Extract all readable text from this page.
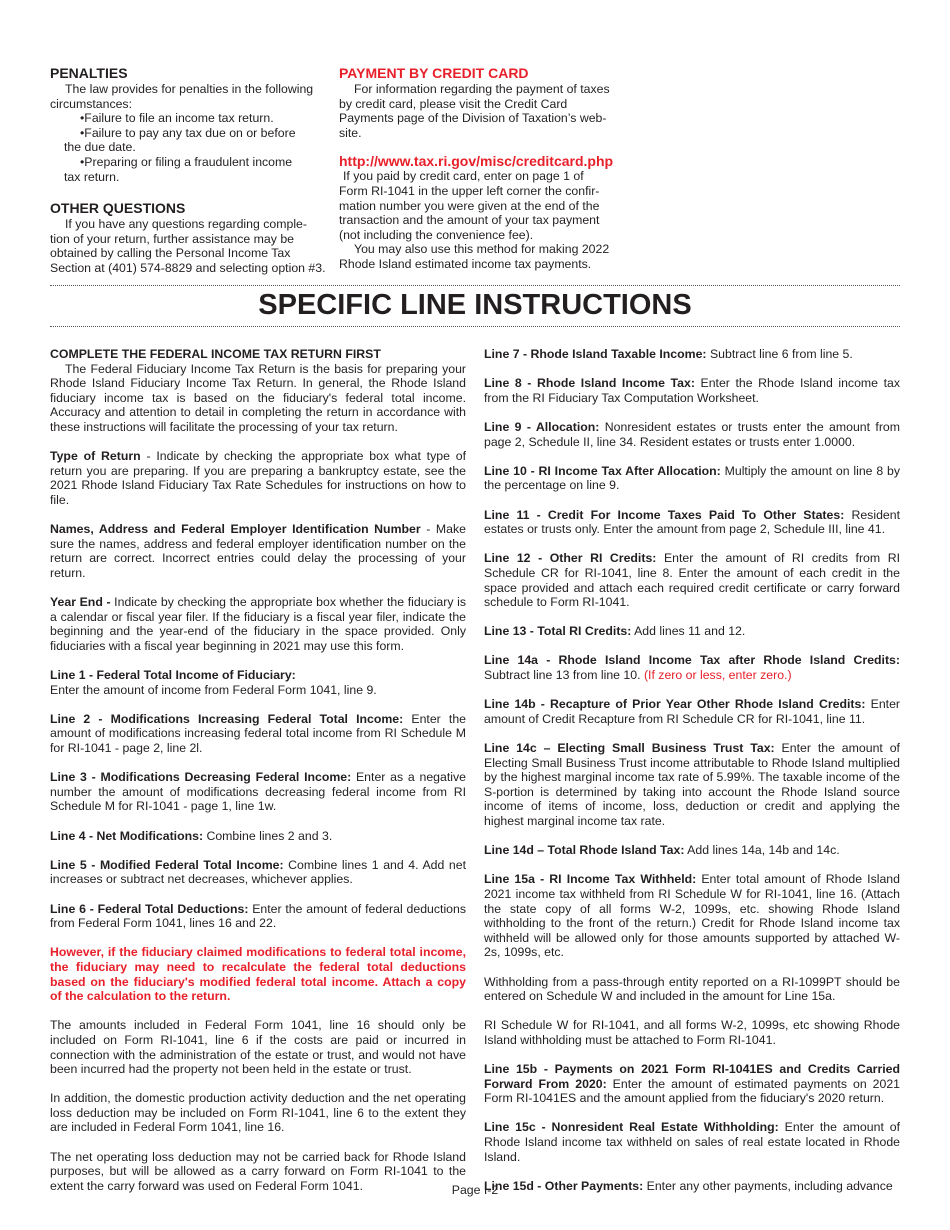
PENALTIES
The law provides for penalties in the following
circumstances:
•Failure to file an income tax return.
•Failure to pay any tax due on or before
the due date.
•Preparing or filing a fraudulent income
tax return.
OTHER QUESTIONS
If you have any questions regarding comple-
tion of your return, further assistance may be
obtained by calling the Personal Income Tax
Section at (401) 574-8829 and selecting option #3.
PAYMENT BY CREDIT CARD
For information regarding the payment of taxes
by credit card, please visit the Credit Card
Payments page of the Division of Taxation’s web-
site.
http://www.tax.ri.gov/misc/creditcard.php
If you paid by credit card, enter on page 1 of
Form RI-1041 in the upper left corner the confir-
mation number you were given at the end of the
transaction and the amount of your tax payment
(not including the convenience fee).
You may also use this method for making 2022
Rhode Island estimated income tax payments.
SPECIFIC LINE INSTRUCTIONS

COMPLETE THE FEDERAL INCOME TAX RETURN FIRST
The Federal Fiduciary Income Tax Return is the basis for preparing your Rhode Island Fiduciary Income Tax Return. In general, the Rhode Island fiduciary income tax is based on the fiduciary's federal total income. Accuracy and attention to detail in completing the return in accordance with these instructions will facilitate the processing of your tax return.

Type of Return - Indicate by checking the appropriate box what type of return you are preparing. If you are preparing a bankruptcy estate, see the 2021 Rhode Island Fiduciary Tax Rate Schedules for instructions on how to file.

Names, Address and Federal Employer Identification Number - Make sure the names, address and federal employer identification number on the return are correct. Incorrect entries could delay the processing of your return.

Year End - Indicate by checking the appropriate box whether the fiduciary is a calendar or fiscal year filer. If the fiduciary is a fiscal year filer, indicate the beginning and the year-end of the fiduciary in the space provided. Only fiduciaries with a fiscal year beginning in 2021 may use this form.

Line 1 - Federal Total Income of Fiduciary:
Enter the amount of income from Federal Form 1041, line 9.

Line 2 - Modifications Increasing Federal Total Income: Enter the amount of modifications increasing federal total income from RI Schedule M for RI-1041 - page 2, line 2l.

Line 3 - Modifications Decreasing Federal Income: Enter as a negative number the amount of modifications decreasing federal income from RI Schedule M for RI-1041 - page 1, line 1w.

Line 4 - Net Modifications: Combine lines 2 and 3.

Line 5 - Modified Federal Total Income: Combine lines 1 and 4. Add net increases or subtract net decreases, whichever applies.

Line 6 - Federal Total Deductions: Enter the amount of federal deductions from Federal Form 1041, lines 16 and 22.

However, if the fiduciary claimed modifications to federal total income, the fiduciary may need to recalculate the federal total deductions based on the fiduciary's modified federal total income. Attach a copy of the calculation to the return.

The amounts included in Federal Form 1041, line 16 should only be included on Form RI-1041, line 6 if the costs are paid or incurred in connection with the administration of the estate or trust, and would not have been incurred had the property not been held in the estate or trust.

In addition, the domestic production activity deduction and the net operating loss deduction may be included on Form RI-1041, line 6 to the extent they are included in Federal Form 1041, line 16.

The net operating loss deduction may not be carried back for Rhode Island purposes, but will be allowed as a carry forward on Form RI-1041 to the extent the carry forward was used on Federal Form 1041.

Line 7 - Rhode Island Taxable Income: Subtract line 6 from line 5.

Line 8 - Rhode Island Income Tax: Enter the Rhode Island income tax from the RI Fiduciary Tax Computation Worksheet.

Line 9 - Allocation: Nonresident estates or trusts enter the amount from page 2, Schedule II, line 34. Resident estates or trusts enter 1.0000.

Line 10 - RI Income Tax After Allocation: Multiply the amount on line 8 by the percentage on line 9.

Line 11 - Credit For Income Taxes Paid To Other States: Resident estates or trusts only. Enter the amount from page 2, Schedule III, line 41.

Line 12 - Other RI Credits: Enter the amount of RI credits from RI Schedule CR for RI-1041, line 8. Enter the amount of each credit in the space provided and attach each required credit certificate or carry forward schedule to Form RI-1041.

Line 13 - Total RI Credits: Add lines 11 and 12.

Line 14a - Rhode Island Income Tax after Rhode Island Credits: Subtract line 13 from line 10. (If zero or less, enter zero.)

Line 14b - Recapture of Prior Year Other Rhode Island Credits: Enter amount of Credit Recapture from RI Schedule CR for RI-1041, line 11.

Line 14c – Electing Small Business Trust Tax: Enter the amount of Electing Small Business Trust income attributable to Rhode Island multiplied by the highest marginal income tax rate of 5.99%. The taxable income of the S-portion is determined by taking into account the Rhode Island source income of items of income, loss, deduction or credit and applying the highest marginal income tax rate.

Line 14d – Total Rhode Island Tax: Add lines 14a, 14b and 14c.

Line 15a - RI Income Tax Withheld: Enter total amount of Rhode Island 2021 income tax withheld from RI Schedule W for RI-1041, line 16. (Attach the state copy of all forms W-2, 1099s, etc. showing Rhode Island withholding to the front of the return.) Credit for Rhode Island income tax withheld will be allowed only for those amounts supported by attached W-2s, 1099s, etc.

Withholding from a pass-through entity reported on a RI-1099PT should be entered on Schedule W and included in the amount for Line 15a.

RI Schedule W for RI-1041, and all forms W-2, 1099s, etc showing Rhode Island withholding must be attached to Form RI-1041.

Line 15b - Payments on 2021 Form RI-1041ES and Credits Carried Forward From 2020: Enter the amount of estimated payments on 2021 Form RI-1041ES and the amount applied from the fiduciary's 2020 return.

Line 15c - Nonresident Real Estate Withholding: Enter the amount of Rhode Island income tax withheld on sales of real estate located in Rhode Island.

Line 15d - Other Payments: Enter any other payments, including advance

Page I-2
